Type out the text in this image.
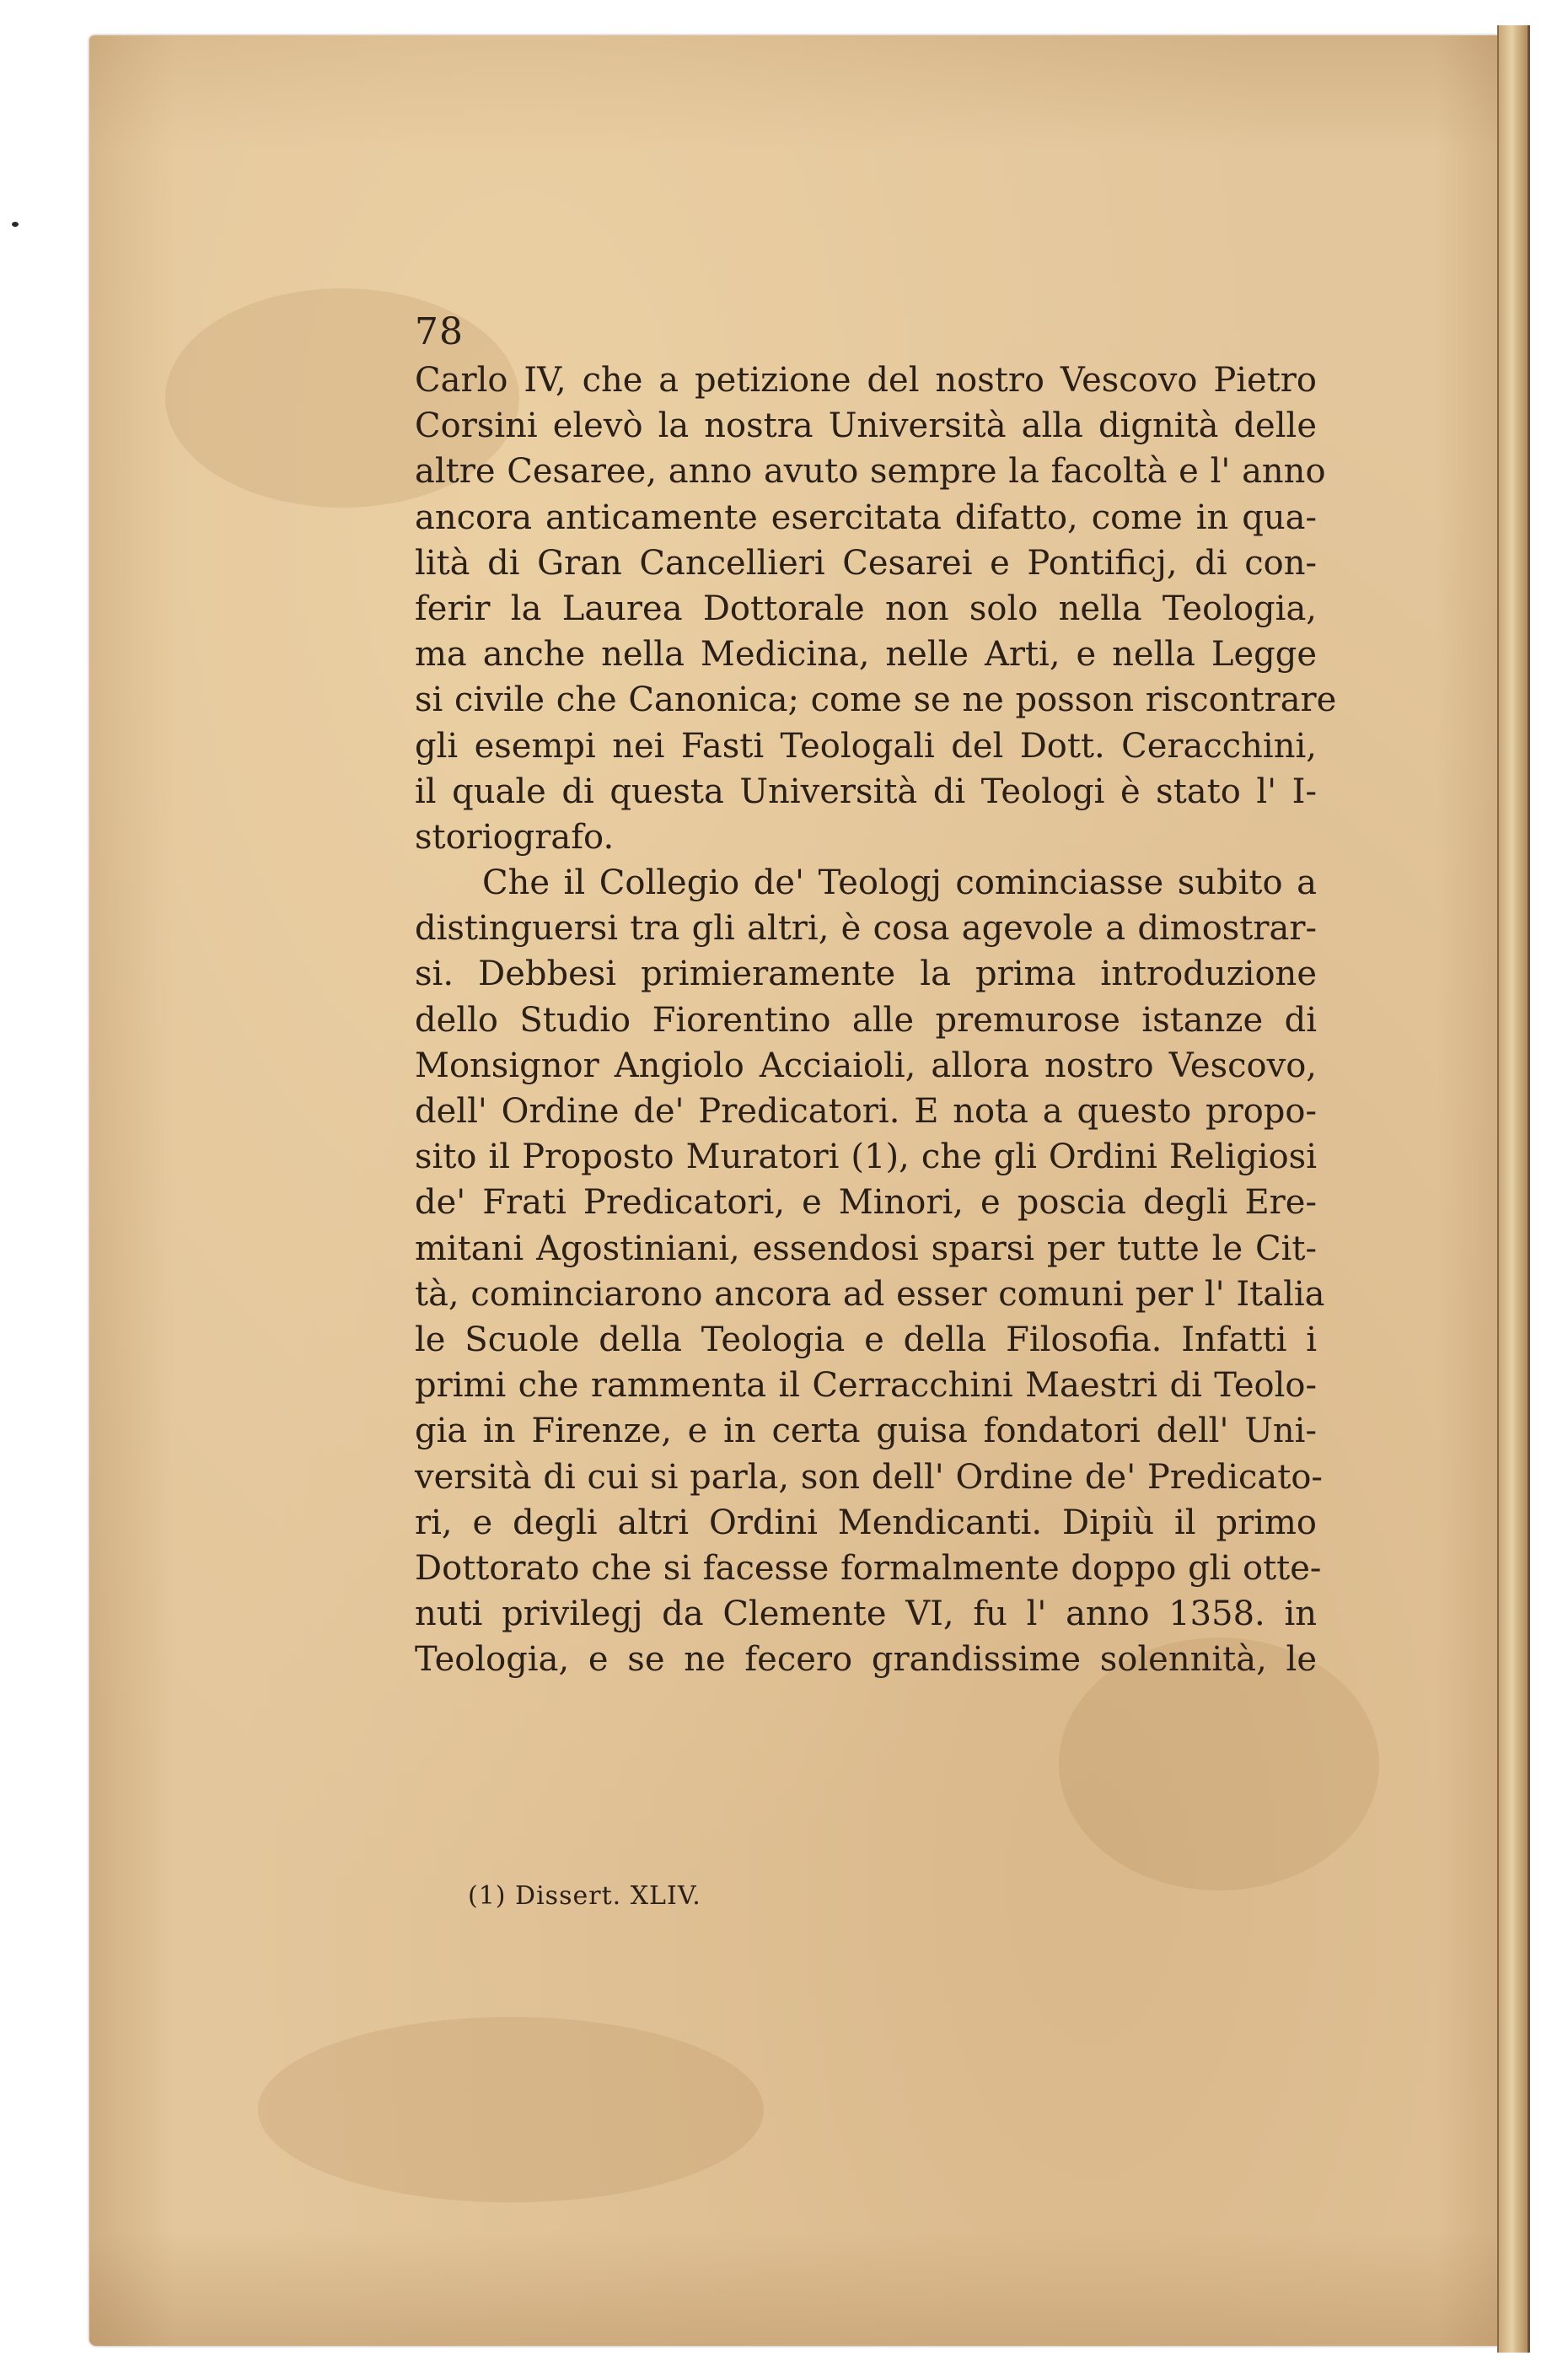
78
Carlo IV, che a petizione del nostro Vescovo Pietro
Corsini elevò la nostra Università alla dignità delle
altre Cesaree, anno avuto sempre la facoltà e l' anno
ancora anticamente esercitata difatto, come in qua-
lità di Gran Cancellieri Cesarei e Pontificj, di con-
ferir la Laurea Dottorale non solo nella Teologia,
ma anche nella Medicina, nelle Arti, e nella Legge
si civile che Canonica; come se ne posson riscontrare
gli esempi nei Fasti Teologali del Dott. Ceracchini,
il quale di questa Università di Teologi è stato l' I-
storiografo.
Che il Collegio de' Teologj cominciasse subito a
distinguersi tra gli altri, è cosa agevole a dimostrar-
si. Debbesi primieramente la prima introduzione
dello Studio Fiorentino alle premurose istanze di
Monsignor Angiolo Acciaioli, allora nostro Vescovo,
dell' Ordine de' Predicatori. E nota a questo propo-
sito il Proposto Muratori (1), che gli Ordini Religiosi
de' Frati Predicatori, e Minori, e poscia degli Ere-
mitani Agostiniani, essendosi sparsi per tutte le Cit-
tà, cominciarono ancora ad esser comuni per l' Italia
le Scuole della Teologia e della Filosofia. Infatti i
primi che rammenta il Cerracchini Maestri di Teolo-
gia in Firenze, e in certa guisa fondatori dell' Uni-
versità di cui si parla, son dell' Ordine de' Predicato-
ri, e degli altri Ordini Mendicanti. Dipiù il primo
Dottorato che si facesse formalmente doppo gli otte-
nuti privilegj da Clemente VI, fu l' anno 1358. in
Teologia, e se ne fecero grandissime solennità, le
(1) Dissert. XLIV.
